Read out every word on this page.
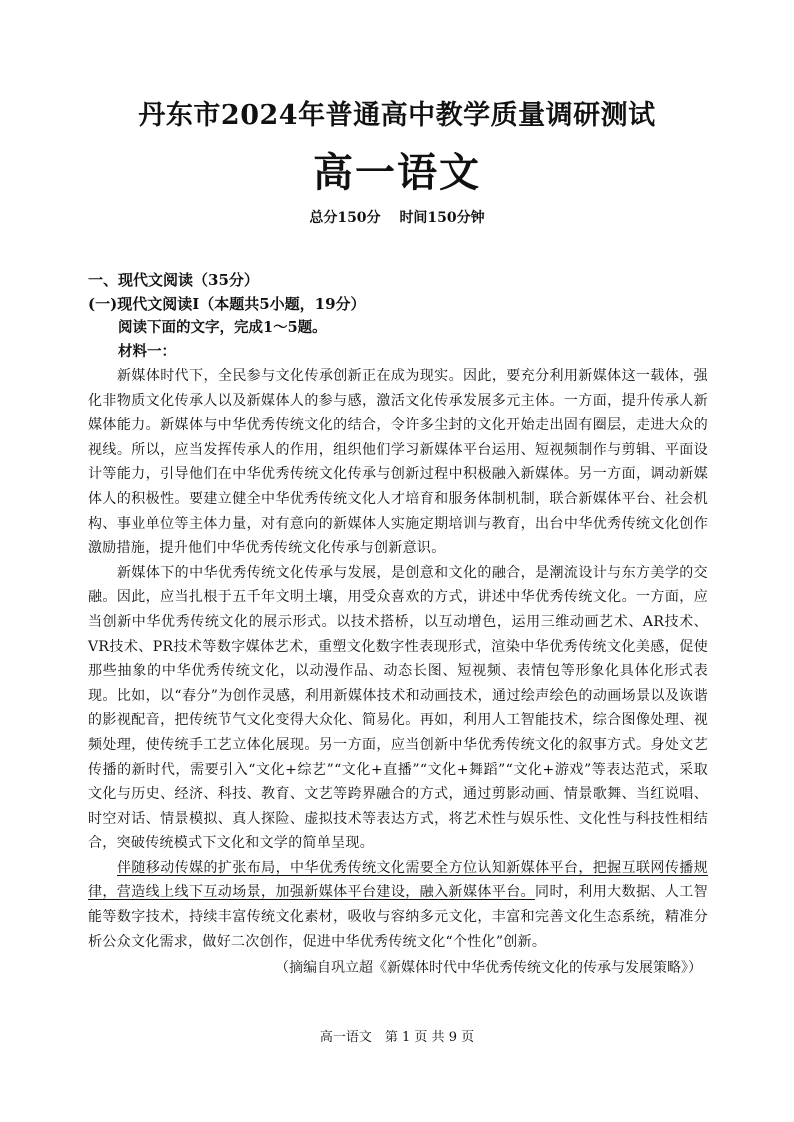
丹东市2024年普通高中教学质量调研测试
高一语文
总分150分 时间150分钟

一、现代文阅读（35分）

(一)现代文阅读Ⅰ（本题共5小题，19分）

阅读下面的文字，完成1～5题。

材料一：

新媒体时代下，全民参与文化传承创新正在成为现实。因此，要充分利用新媒体这一载体，强化非物质文化传承人以及新媒体人的参与感，激活文化传承发展多元主体。一方面，提升传承人新媒体能力。新媒体与中华优秀传统文化的结合，令许多尘封的文化开始走出固有圈层，走进大众的视线。所以，应当发挥传承人的作用，组织他们学习新媒体平台运用、短视频制作与剪辑、平面设计等能力，引导他们在中华优秀传统文化传承与创新过程中积极融入新媒体。另一方面，调动新媒体人的积极性。要建立健全中华优秀传统文化人才培育和服务体制机制，联合新媒体平台、社会机构、事业单位等主体力量，对有意向的新媒体人实施定期培训与教育，出台中华优秀传统文化创作激励措施，提升他们中华优秀传统文化传承与创新意识。

新媒体下的中华优秀传统文化传承与发展，是创意和文化的融合，是潮流设计与东方美学的交融。因此，应当扎根于五千年文明土壤，用受众喜欢的方式，讲述中华优秀传统文化。一方面，应当创新中华优秀传统文化的展示形式。以技术搭桥，以互动增色，运用三维动画艺术、AR技术、VR技术、PR技术等数字媒体艺术，重塑文化数字性表现形式，渲染中华优秀传统文化美感，促使那些抽象的中华优秀传统文化，以动漫作品、动态长图、短视频、表情包等形象化具体化形式表现。比如，以“春分”为创作灵感，利用新媒体技术和动画技术，通过绘声绘色的动画场景以及诙谐的影视配音，把传统节气文化变得大众化、简易化。再如，利用人工智能技术，综合图像处理、视频处理，使传统手工艺立体化展现。另一方面，应当创新中华优秀传统文化的叙事方式。身处文艺传播的新时代，需要引入“文化+综艺”“文化+直播”“文化+舞蹈”“文化+游戏”等表达范式，采取文化与历史、经济、科技、教育、文艺等跨界融合的方式，通过剪影动画、情景歌舞、当红说唱、时空对话、情景模拟、真人探险、虚拟技术等表达方式，将艺术性与娱乐性、文化性与科技性相结合，突破传统模式下文化和文学的简单呈现。

伴随移动传媒的扩张布局，中华优秀传统文化需要全方位认知新媒体平台，把握互联网传播规律，营造线上线下互动场景，加强新媒体平台建设，融入新媒体平台。同时，利用大数据、人工智能等数字技术，持续丰富传统文化素材，吸收与容纳多元文化，丰富和完善文化生态系统，精准分析公众文化需求，做好二次创作，促进中华优秀传统文化“个性化”创新。

（摘编自巩立超《新媒体时代中华优秀传统文化的传承与发展策略》）

高一语文　第 1 页 共 9 页
